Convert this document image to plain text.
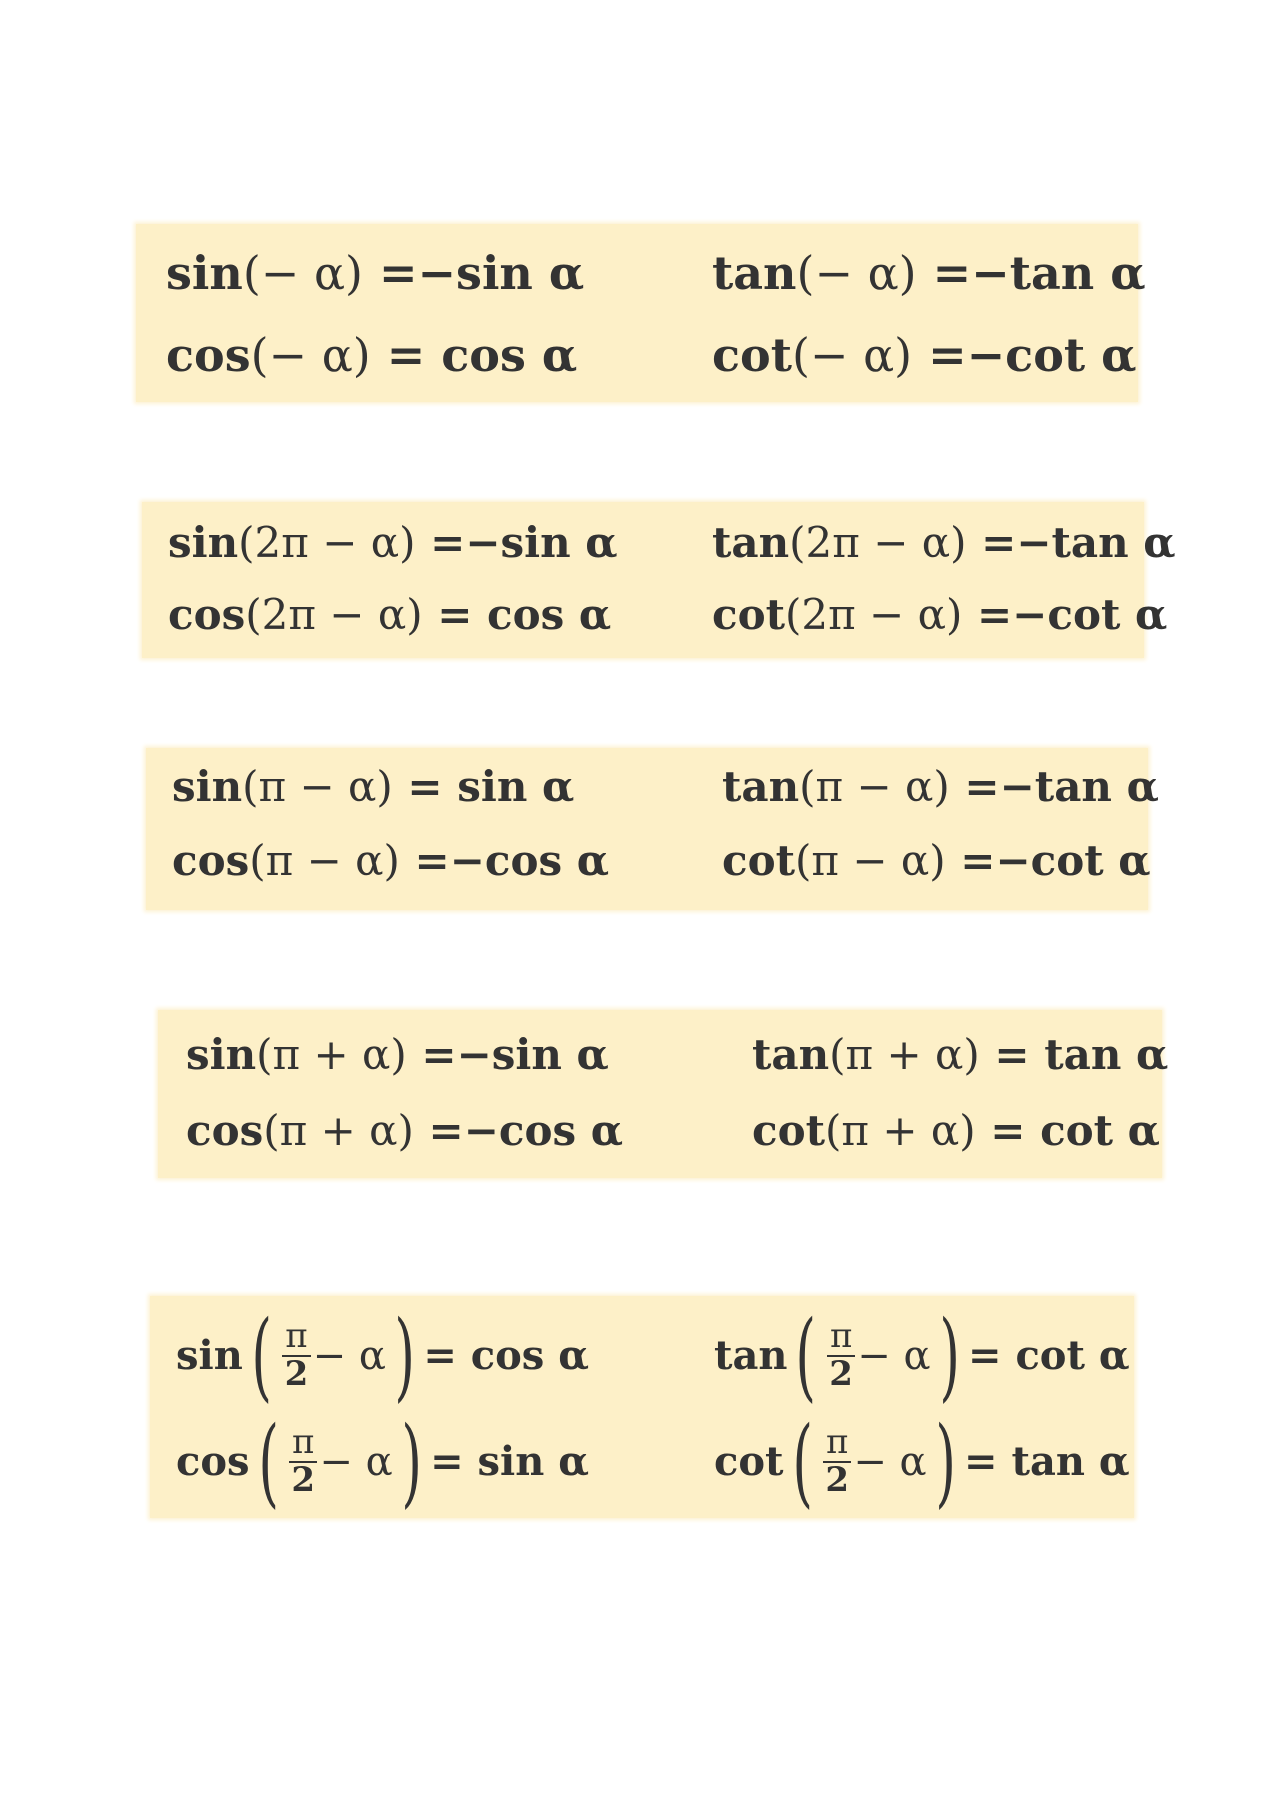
sin(− α) =−sin α
cos(− α) = cos α
tan(− α) =−tan α
cot(− α) =−cot α
sin(2π − α) =−sin α
cos(2π − α) = cos α
tan(2π − α) =−tan α
cot(2π − α) =−cot α
sin(π − α) = sin α
cos(π − α) =−cos α
tan(π − α) =−tan α
cot(π − α) =−cot α
sin(π + α) =−sin α
cos(π + α) =−cos α
tan(π + α) = tan α
cot(π + α) = cot α
sin ( $\frac{\pi}{2} - \alpha$ ) = cos α
cos ( $\frac{\pi}{2} - \alpha$ ) = sin α
tan ( $\frac{\pi}{2} - \alpha$ ) = cot α
cot ( $\frac{\pi}{2} - \alpha$ ) = tan α
